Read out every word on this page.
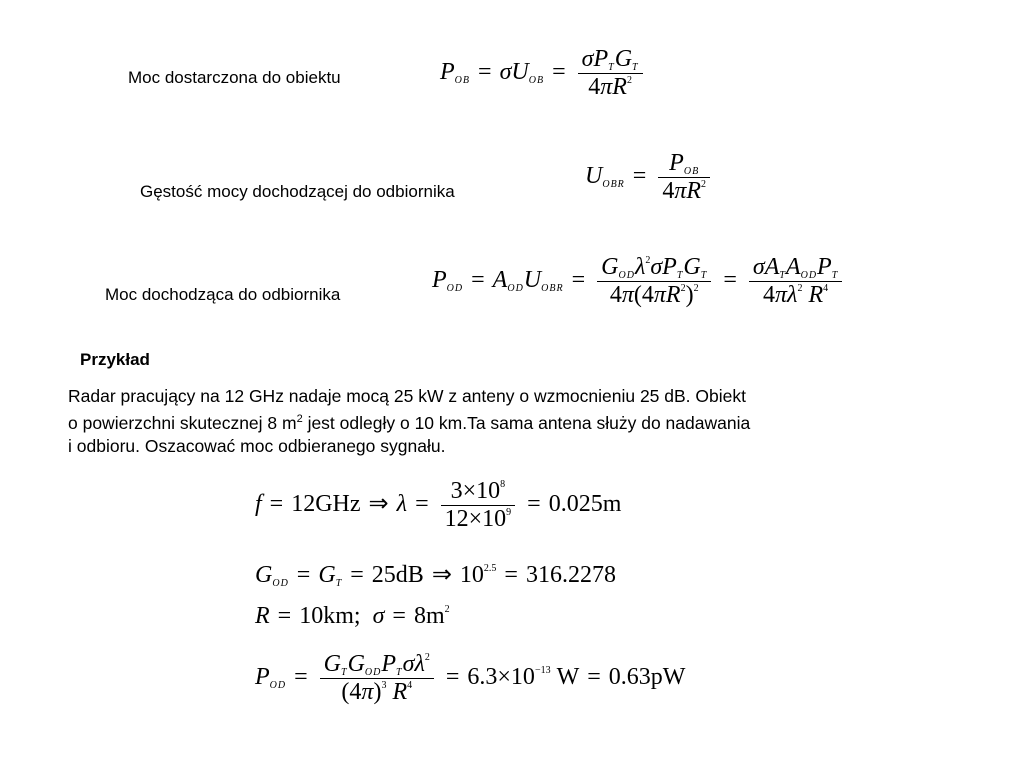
Moc dostarczona do obiektu
Gęstość mocy dochodzącej do odbiornika
Moc dochodząca do odbiornika
$P_{OB} = \sigma U_{OB} = \frac{\sigma P_TG_T}{4\pi R^2}$
$U_{OBR} = \frac{P_{OB}}{4\pi R^2}$
$P_{OD} = A_{OD}U_{OBR} = \frac{G_{OD}\lambda^2\sigma P_TG_T}{4\pi(4\pi R^2)^2} = \frac{\sigma A_TA_{OD}P_T}{4\pi\lambda^2 R^4}$
Przykład
Radar pracujący na 12 GHz nadaje mocą 25 kW z anteny o wzmocnieniu 25 dB. Obiekt
o powierzchni skutecznej 8 $m^2$ jest odległy o 10 km.Ta sama antena służy do nadawania
i odbioru. Oszacować moc odbieranego sygnału.
f = 12GHz ⇒ $\lambda = \frac{3\times 10^8}{12\times 10^9} = 0.025m$
$G_{OD} = G_T = 25dB$ ⇒ $10^{2.5} = 316.2278$
R = 10km; $\sigma = 8m^2$
$P_{OD} = \frac{G_TG_{OD}P_T\sigma\lambda^2}{(4\pi)^3 R^4} = 6.3\times 10^{-13}$ W = 0.63pW
